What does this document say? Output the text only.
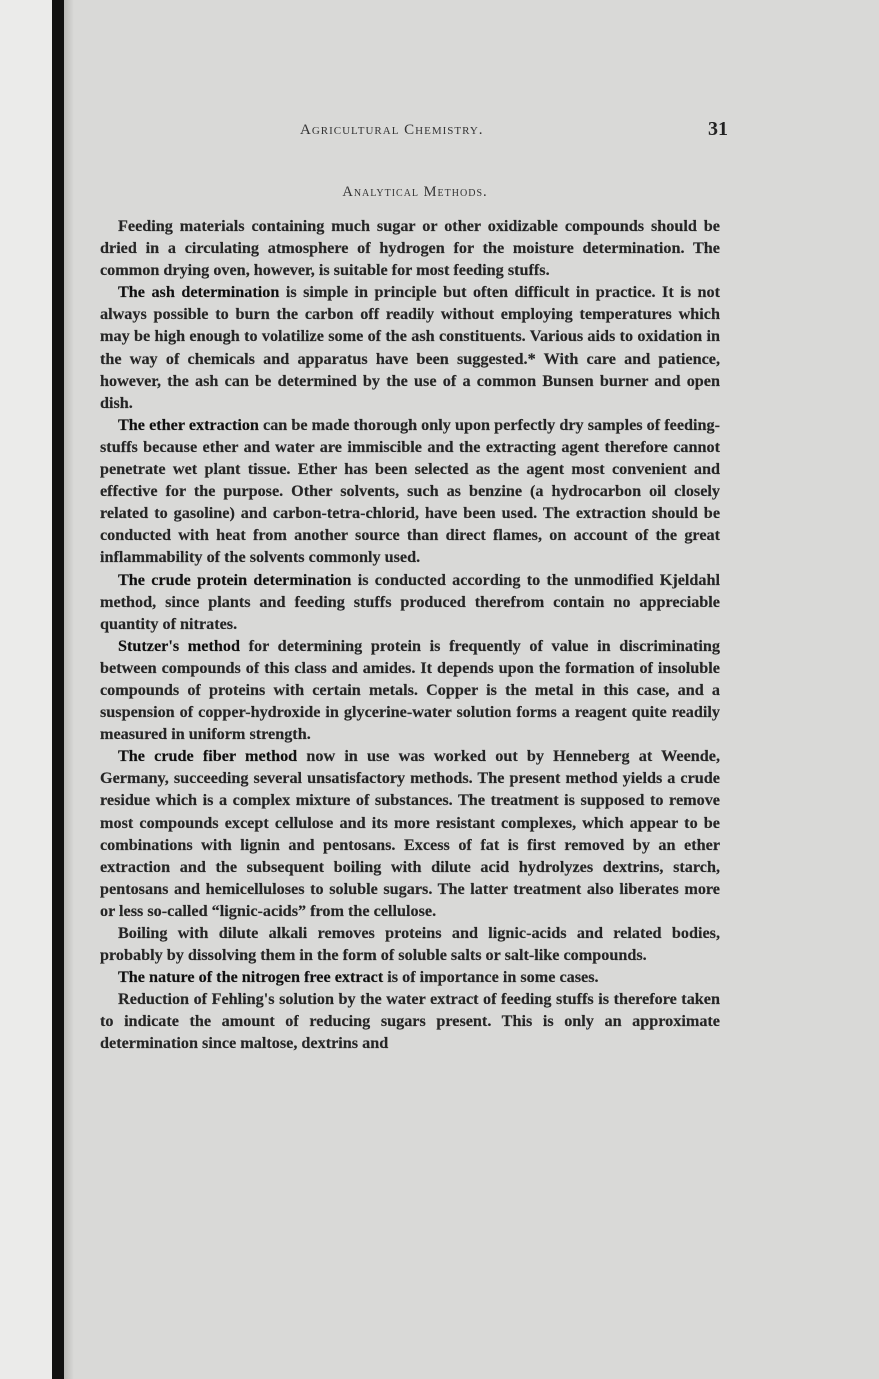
Agricultural Chemistry.	31
Analytical Methods.

Feeding materials containing much sugar or other oxidizable compounds should be dried in a circulating atmosphere of hydrogen for the moisture determination. The common drying oven, however, is suitable for most feeding stuffs.

The ash determination is simple in principle but often difficult in practice. It is not always possible to burn the carbon off readily without employing temperatures which may be high enough to volatilize some of the ash constituents. Various aids to oxidation in the way of chemicals and apparatus have been suggested.* With care and patience, however, the ash can be determined by the use of a common Bunsen burner and open dish.

The ether extraction can be made thorough only upon perfectly dry samples of feeding-stuffs because ether and water are immiscible and the extracting agent therefore cannot penetrate wet plant tissue. Ether has been selected as the agent most convenient and effective for the purpose. Other solvents, such as benzine (a hydrocarbon oil closely related to gasoline) and carbon-tetra-chlorid, have been used. The extraction should be conducted with heat from another source than direct flames, on account of the great inflammability of the solvents commonly used.

The crude protein determination is conducted according to the unmodified Kjeldahl method, since plants and feeding stuffs produced therefrom contain no appreciable quantity of nitrates.

Stutzer's method for determining protein is frequently of value in discriminating between compounds of this class and amides. It depends upon the formation of insoluble compounds of proteins with certain metals. Copper is the metal in this case, and a suspension of copper-hydroxide in glycerine-water solution forms a reagent quite readily measured in uniform strength.

The crude fiber method now in use was worked out by Henneberg at Weende, Germany, succeeding several unsatisfactory methods. The present method yields a crude residue which is a complex mixture of substances. The treatment is supposed to remove most compounds except cellulose and its more resistant complexes, which appear to be combinations with lignin and pentosans. Excess of fat is first removed by an ether extraction and the subsequent boiling with dilute acid hydrolyzes dextrins, starch, pentosans and hemicelluloses to soluble sugars. The latter treatment also liberates more or less so-called “lignic-acids” from the cellulose.

Boiling with dilute alkali removes proteins and lignic-acids and related bodies, probably by dissolving them in the form of soluble salts or salt-like compounds.

The nature of the nitrogen free extract is of importance in some cases.

Reduction of Fehling's solution by the water extract of feeding stuffs is therefore taken to indicate the amount of reducing sugars present. This is only an approximate determination since maltose, dextrins and
